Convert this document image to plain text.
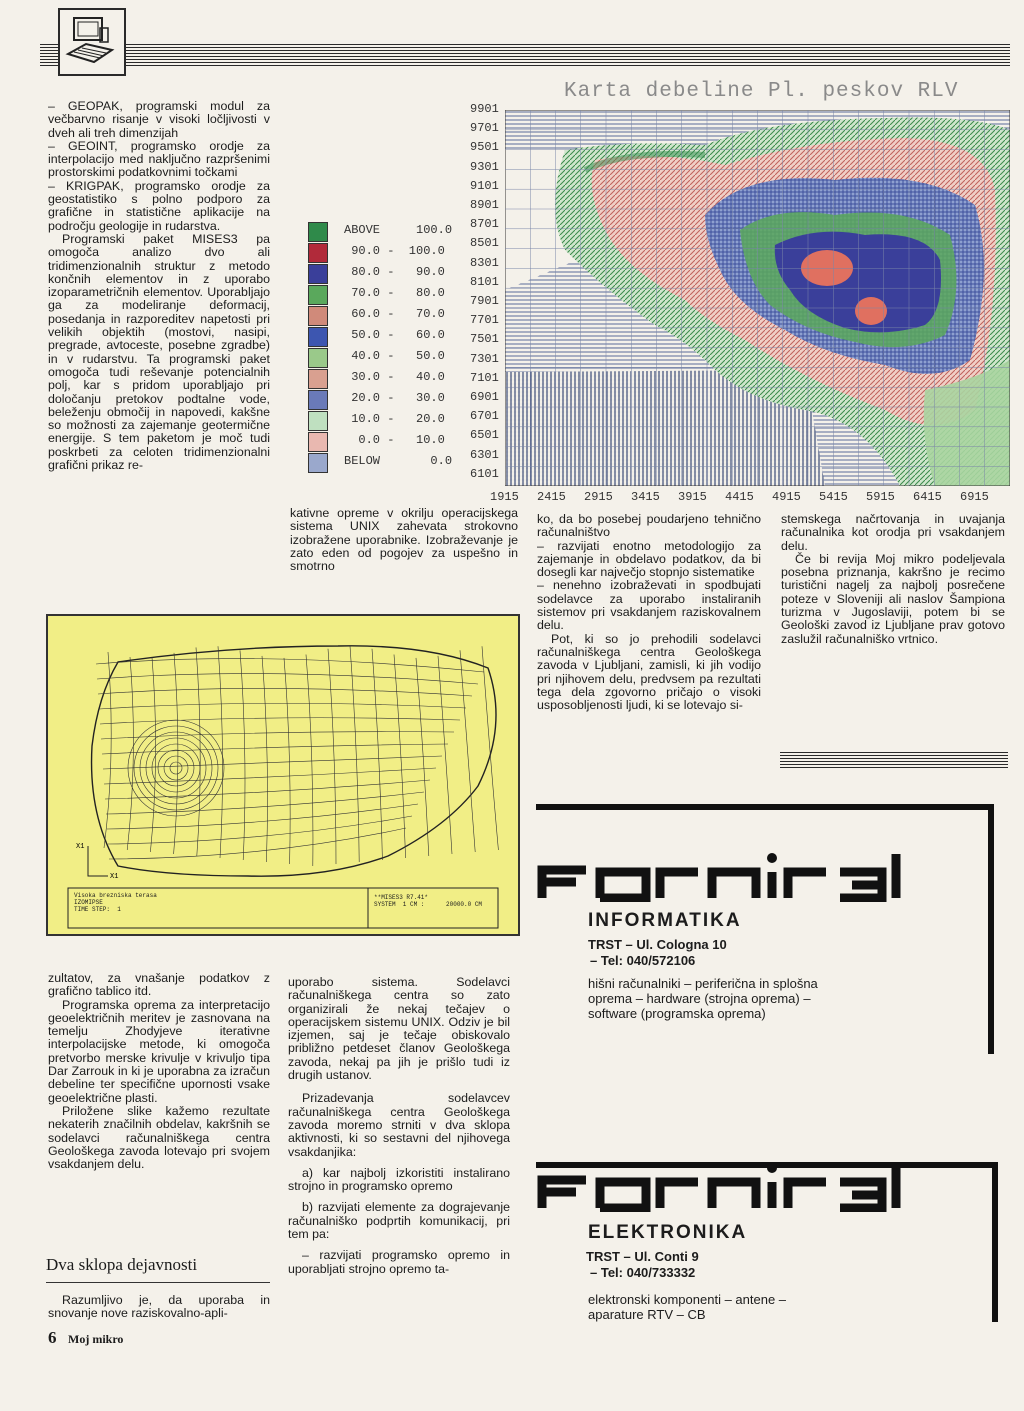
– GEOPAK, programski modul za večbarvno risanje v visoki ločljivosti v dveh ali treh dimenzijah

– GEOINT, programsko orodje za interpolacijo med naključno razpršenimi prostorskimi podatkovnimi točkami

– KRIGPAK, programsko orodje za geostatistiko s polno podporo za grafične in statistične aplikacije na področju geologije in rudarstva.

Programski paket MISES3 pa omogoča analizo dvo ali tridimenzionalnih struktur z metodo končnih elementov in z uporabo izoparametričnih elementov. Uporabljajo ga za modeliranje deformacij, posedanja in razporeditev napetosti pri velikih objektih (mostovi, nasipi, pregrade, avtoceste, posebne zgradbe) in v rudarstvu. Ta programski paket omogoča tudi reševanje potencialnih polj, kar s pridom uporabljajo pri določanju pretokov podtalne vode, beleženju območij in napovedi, kakšne so možnosti za zajemanje geotermične energije. S tem paketom je moč tudi poskrbeti za celoten tridimenzionalni grafični prikaz re-

Karta debeline Pl. peskov RLV
ABOVE     100.0
90.0 -  100.0
80.0 -   90.0
70.0 -   80.0
60.0 -   70.0
50.0 -   60.0
40.0 -   50.0
30.0 -   40.0
20.0 -   30.0
10.0 -   20.0
0.0 -   10.0
BELOW       0.0
9901
9701
9501
9301
9101
8901
8701
8501
8301
8101
7901
7701
7501
7301
7101
6901
6701
6501
6301
6101
1915 2415 2915 3415 3915 4415 4915 5415 5915 6415 6915

kativne opreme v okrilju operacijskega sistema UNIX zahevata strokovno izobražene uporabnike. Izobraževanje je zato eden od pogojev za uspešno in smotrno

ko, da bo posebej poudarjeno tehnično računalništvo

– razvijati enotno metodologijo za zajemanje in obdelavo podatkov, da bi dosegli kar največjo stopnjo sistematike

– nenehno izobraževati in spodbujati sodelavce za uporabo instaliranih sistemov pri vsakdanjem raziskovalnem delu.

Pot, ki so jo prehodili sodelavci računalniškega centra Geološkega zavoda v Ljubljani, zamisli, ki jih vodijo pri njihovem delu, predvsem pa rezultati tega dela zgovorno pričajo o visoki usposobljenosti ljudi, ki se lotevajo si-

stemskega načrtovanja in uvajanja računalnika kot orodja pri vsakdanjem delu.

Če bi revija Moj mikro podeljevala posebna priznanja, kakršno je recimo turistični nagelj za najbolj posrečene poteze v Sloveniji ali naslov Šampiona turizma v Jugoslaviji, potem bi se Geološki zavod iz Ljubljane prav gotovo zaslužil računalniško vrtnico.

X1
X1
Visoka brezniska terasa
IZOMIPSE
TIME STEP:  1
**MISES3 R7.41*
SYSTEM  1 CM :      20000.0 CM

zultatov, za vnašanje podatkov z grafično tablico itd.

Programska oprema za interpretacijo geoelektričnih meritev je zasnovana na temelju Zhodyjeve iterativne interpolacijske metode, ki omogoča pretvorbo merske krivulje v krivuljo tipa Dar Zarrouk in ki je uporabna za izračun debeline ter specifične upornosti vsake geoelektrične plasti.

Priložene slike kažemo rezultate nekaterih značilnih obdelav, kakršnih se sodelavci računalniškega centra Geološkega zavoda lotevajo pri svojem vsakdanjem delu.

Dva sklopa dejavnosti

Razumljivo je, da uporaba in snovanje nove raziskovalno-apli-

6 Moj mikro

uporabo sistema. Sodelavci računalniškega centra so zato organizirali že nekaj tečajev o operacijskem sistemu UNIX. Odziv je bil izjemen, saj je tečaje obiskovalo približno petdeset članov Geološkega zavoda, nekaj pa jih je prišlo tudi iz drugih ustanov.

Prizadevanja sodelavcev računalniškega centra Geološkega zavoda moremo strniti v dva sklopa aktivnosti, ki so sestavni del njihovega vsakdanjika:

a) kar najbolj izkoristiti instalirano strojno in programsko opremo

b) razvijati elemente za dograjevanje računalniško podprtih komunikacij, pri tem pa:

– razvijati programsko opremo in uporabljati strojno opremo ta-

INFORMATIKA
TRST – Ul. Cologna 10
– Tel: 040/572106
hišni računalniki – periferična in splošna oprema – hardware (strojna oprema) – software (programska oprema)
ELEKTRONIKA
TRST – Ul. Conti 9
– Tel: 040/733332
elektronski komponenti – antene – aparature RTV – CB
